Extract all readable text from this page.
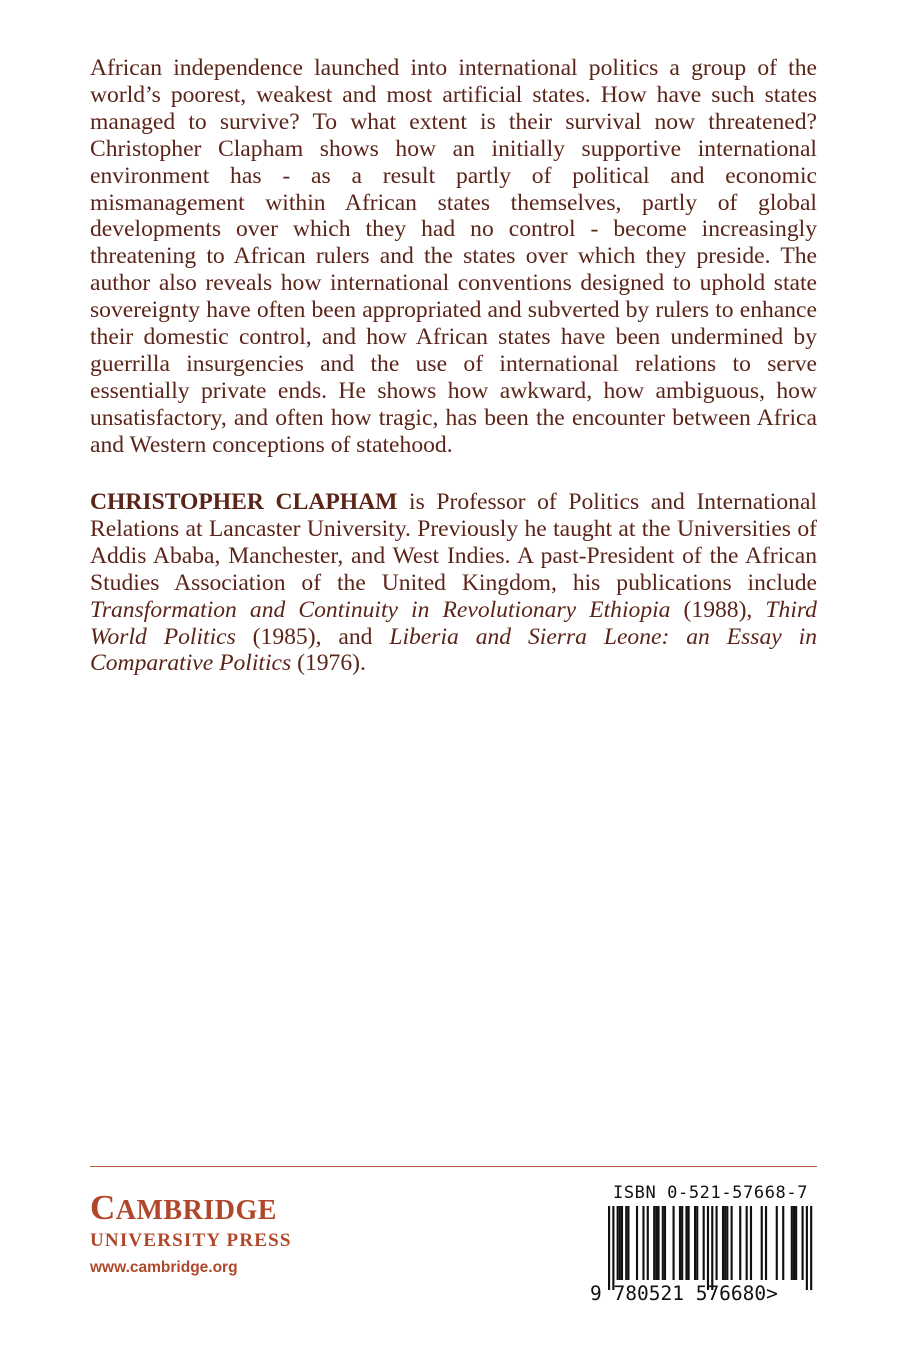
African independence launched into international politics a group of the world’s poorest, weakest and most artificial states. How have such states managed to survive? To what extent is their survival now threatened? Christopher Clapham shows how an initially supportive international environment has - as a result partly of political and economic mismanagement within African states themselves, partly of global developments over which they had no control - become increasingly threatening to African rulers and the states over which they preside. The author also reveals how international conventions designed to uphold state sovereignty have often been appropriated and subverted by rulers to enhance their domestic control, and how African states have been undermined by guerrilla insurgencies and the use of international relations to serve essentially private ends. He shows how awkward, how ambiguous, how unsatisfactory, and often how tragic, has been the encounter between Africa and Western conceptions of statehood.

CHRISTOPHER CLAPHAM is Professor of Politics and International Relations at Lancaster University. Previously he taught at the Universities of Addis Ababa, Manchester, and West Indies. A past-President of the African Studies Association of the United Kingdom, his publications include Transformation and Continuity in Revolutionary Ethiopia (1988), Third World Politics (1985), and Liberia and Sierra Leone: an Essay in Comparative Politics (1976).

CAMBRIDGE
UNIVERSITY PRESS
www.cambridge.org
ISBN 0-521-57668-7
9 780521 576680>
